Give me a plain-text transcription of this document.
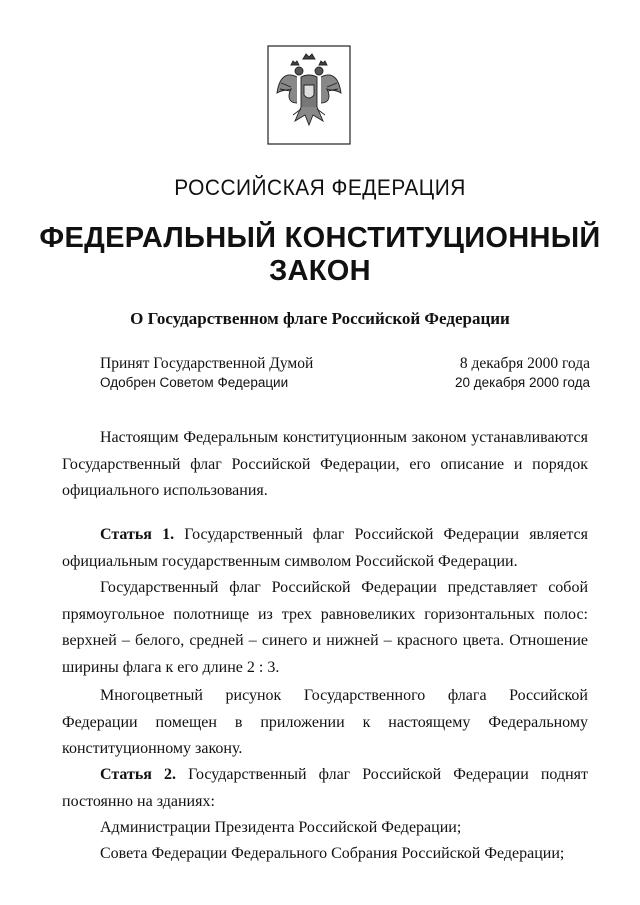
РОССИЙСКАЯ ФЕДЕРАЦИЯ
ФЕДЕРАЛЬНЫЙ КОНСТИТУЦИОННЫЙ ЗАКОН
О Государственном флаге Российской Федерации
Принят Государственной Думой	8 декабря 2000 года
Одобрен Советом Федерации	20 декабря 2000 года

Настоящим Федеральным конституционным законом устанавливаются Государственный флаг Российской Федерации, его описание и порядок официального использования.

Статья 1. Государственный флаг Российской Федерации является официальным государственным символом Российской Федерации.

Государственный флаг Российской Федерации представляет собой прямоугольное полотнище из трех равновеликих горизонтальных полос: верхней – белого, средней – синего и нижней – красного цвета. Отношение ширины флага к его длине 2 : 3.

Многоцветный рисунок Государственного флага Российской Федерации помещен в приложении к настоящему Федеральному конституционному закону.

Статья 2. Государственный флаг Российской Федерации поднят постоянно на зданиях:

Администрации Президента Российской Федерации;

Совета Федерации Федерального Собрания Российской Федерации;
